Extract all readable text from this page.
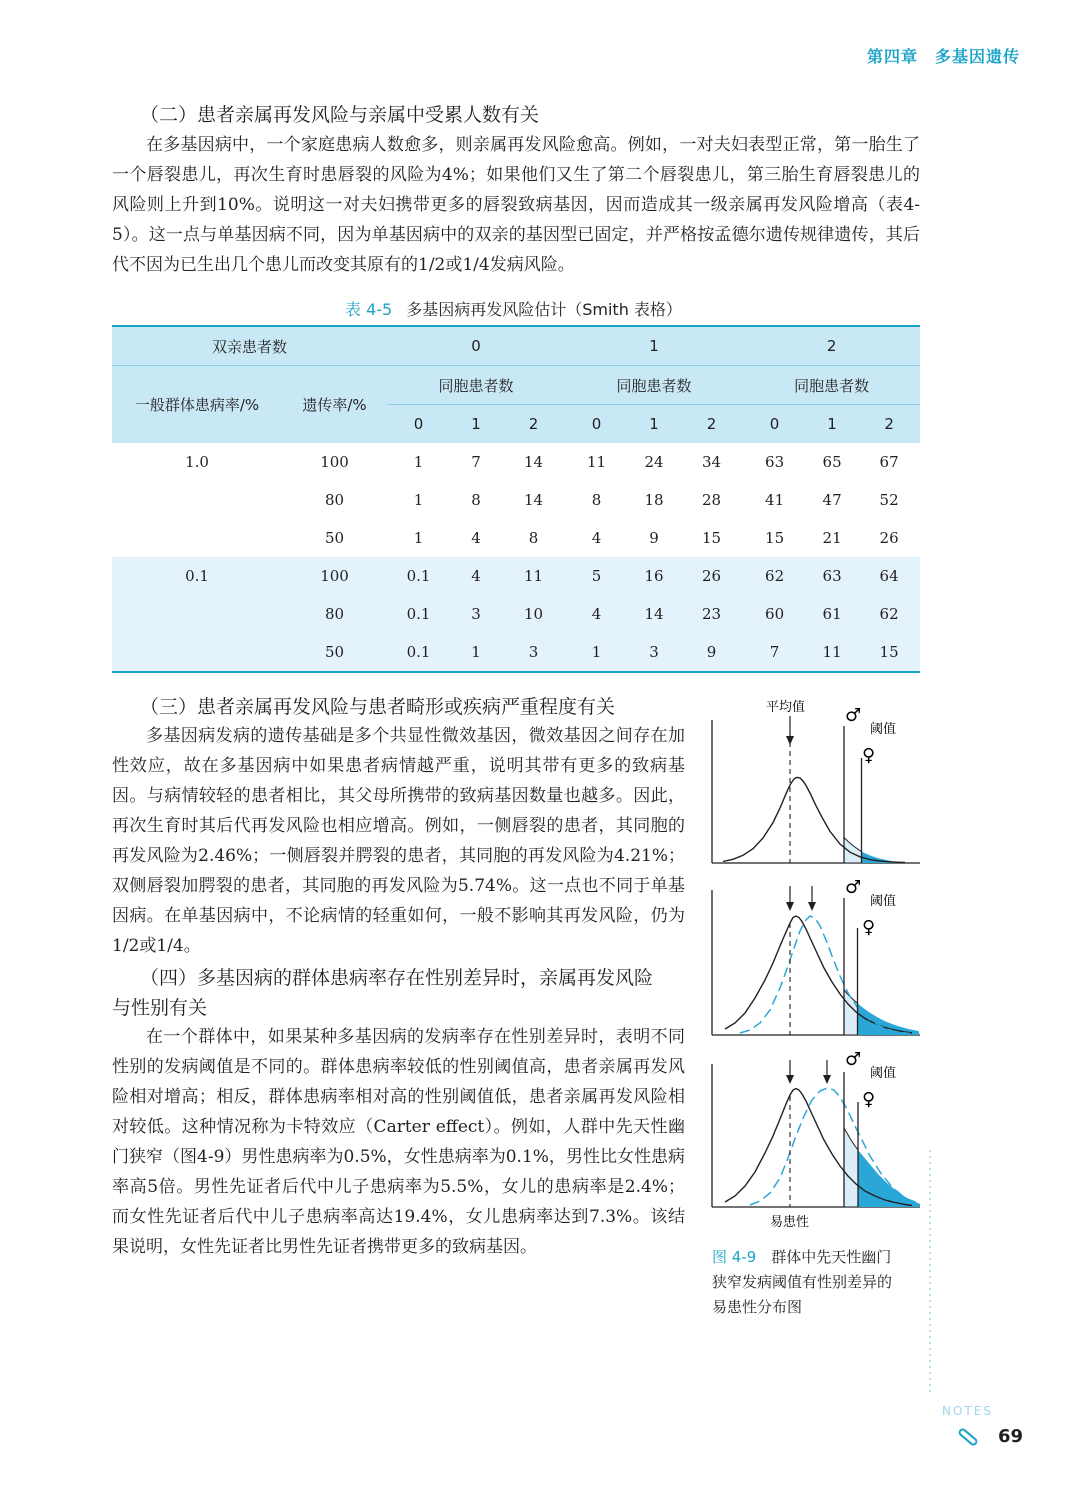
第四章　多基因遗传
（二）患者亲属再发风险与亲属中受累人数有关

在多基因病中，一个家庭患病人数愈多，则亲属再发风险愈高。例如，一对夫妇表型正常，第一胎生了一个唇裂患儿，再次生育时患唇裂的风险为4%；如果他们又生了第二个唇裂患儿，第三胎生育唇裂患儿的风险则上升到10%。说明这一对夫妇携带更多的唇裂致病基因，因而造成其一级亲属再发风险增高（表4-5）。这一点与单基因病不同，因为单基因病中的双亲的基因型已固定，并严格按孟德尔遗传规律遗传，其后代不因为已生出几个患儿而改变其原有的1/2或1/4发病风险。

表 4-5 多基因病再发风险估计（Smith 表格）
双亲患者数		0			1			2		
一般群体患病率/%	遗传率/%	同胞患者数			同胞患者数			同胞患者数		
		0	1	2	0	1	2	0	1	2
1.0	100	1	7	14	11	24	34	63	65	67
	80	1	8	14	8	18	28	41	47	52
	50	1	4	8	4	9	15	15	21	26
0.1	100	0.1	4	11	5	16	26	62	63	64
	80	0.1	3	10	4	14	23	60	61	62
	50	0.1	1	3	1	3	9	7	11	15
（三）患者亲属再发风险与患者畸形或疾病严重程度有关

多基因病发病的遗传基础是多个共显性微效基因，微效基因之间存在加性效应，故在多基因病中如果患者病情越严重，说明其带有更多的致病基因。与病情较轻的患者相比，其父母所携带的致病基因数量也越多。因此，再次生育时其后代再发风险也相应增高。例如，一侧唇裂的患者，其同胞的再发风险为2.46%；一侧唇裂并腭裂的患者，其同胞的再发风险为4.21%；双侧唇裂加腭裂的患者，其同胞的再发风险为5.74%。这一点也不同于单基因病。在单基因病中，不论病情的轻重如何，一般不影响其再发风险，仍为1/2或1/4。

（四）多基因病的群体患病率存在性别差异时，亲属再发风险
与性别有关

在一个群体中，如果某种多基因病的发病率存在性别差异时，表明不同性别的发病阈值是不同的。群体患病率较低的性别阈值高，患者亲属再发风险相对增高；相反，群体患病率相对高的性别阈值低，患者亲属再发风险相对较低。这种情况称为卡特效应（Carter effect）。例如，人群中先天性幽门狭窄（图4-9）男性患病率为0.5%，女性患病率为0.1%，男性比女性患病率高5倍。男性先证者后代中儿子患病率为5.5%，女儿的患病率是2.4%；而女性先证者后代中儿子患病率高达19.4%，女儿患病率达到7.3%。该结果说明，女性先证者比男性先证者携带更多的致病基因。

平均值 ♂
阈值
♀
♂
阈值
♀
♂
阈值
♀
易患性
图 4-9　 群体中先天性幽门
狭窄发病阈值有性别差异的
易患性分布图
NOTES
69
